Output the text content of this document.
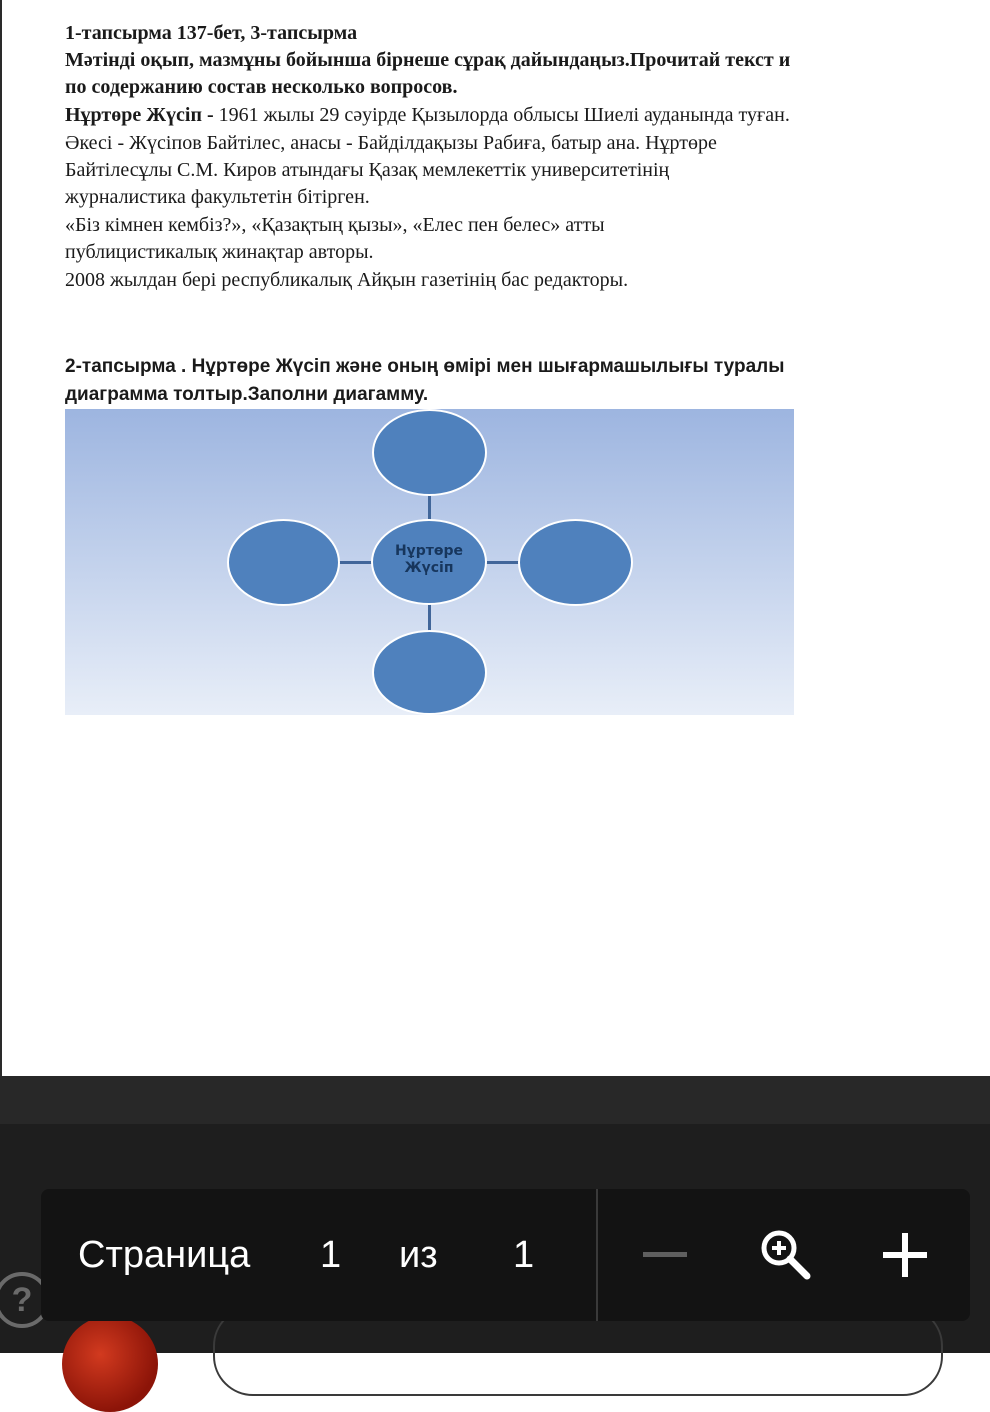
1-тапсырма 137-бет, 3-тапсырма
Мәтінді оқып, мазмұны бойынша бірнеше сұрақ дайындаңыз.Прочитай текст и
по содержанию состав несколько вопросов.
Нұртөре Жүсіп - 1961 жылы 29 сәуірде Қызылорда облысы Шиелі ауданында туған.
Әкесі - Жүсіпов Байтілес, анасы - Байділдақызы Рабиға, батыр ана. Нұртөре
Байтілесұлы С.М. Киров атындағы Қазақ мемлекеттік университетінің
журналистика факультетін бітірген.
«Біз кімнен кембіз?», «Қазақтың қызы», «Елес пен белес» атты
публицистикалық жинақтар авторы.
2008 жылдан бері республикалық Айқын газетінің бас редакторы.
2-тапсырма . Нұртөре Жүсіп және оның өмірі мен шығармашылығы туралы
диаграмма толтыр.Заполни диагамму.
Нұртөре
Жүсіп
?
Страница 1 из 1
